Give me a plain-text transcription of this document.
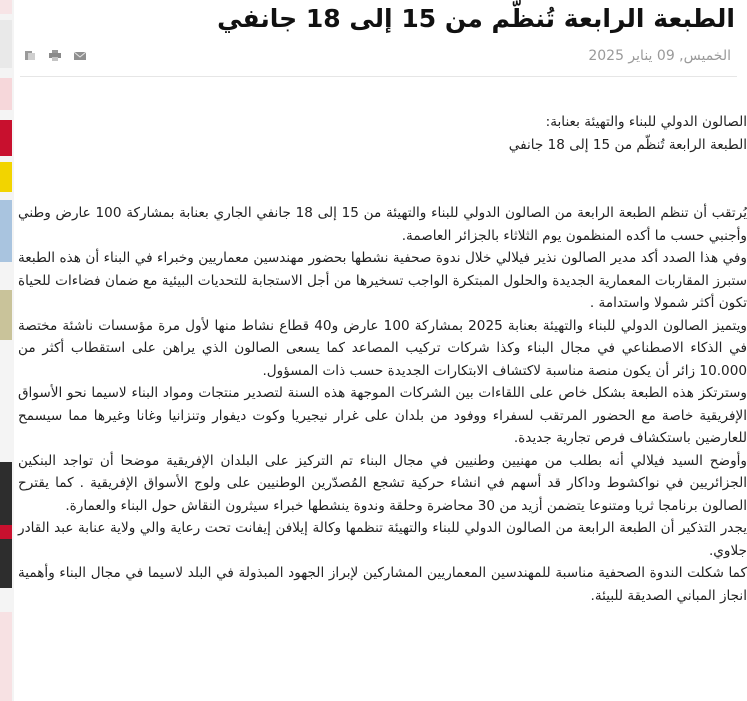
الطبعة الرابعة تُنظّم من 15 إلى 18 جانفي
الخميس, 09 يناير 2025
الصالون الدولي للبناء والتهيئة بعنابة:
الطبعة الرابعة تُنظّم من 15 إلى 18 جانفي

يُرتقب أن تنظم الطبعة الرابعة من الصالون الدولي للبناء والتهيئة من 15 إلى 18 جانفي الجاري بعنابة بمشاركة 100 عارض وطني وأجنبي حسب ما أكده المنظمون يوم الثلاثاء بالجزائر العاصمة.

وفي هذا الصدد أكد مدير الصالون نذير فيلالي خلال ندوة صحفية نشطها بحضور مهندسين معماريين وخبراء في البناء أن هذه الطبعة ستبرز المقاربات المعمارية الجديدة والحلول المبتكرة الواجب تسخيرها من أجل الاستجابة للتحديات البيئية مع ضمان فضاءات للحياة تكون أكثر شمولا واستدامة .

ويتميز الصالون الدولي للبناء والتهيئة بعنابة 2025 بمشاركة 100 عارض و40 قطاع نشاط منها لأول مرة مؤسسات ناشئة مختصة في الذكاء الاصطناعي في مجال البناء وكذا شركات تركيب المصاعد كما يسعى الصالون الذي يراهن على استقطاب أكثر من 10.000 زائر أن يكون منصة مناسبة لاكتشاف الابتكارات الجديدة حسب ذات المسؤول.

وسترتكز هذه الطبعة بشكل خاص على اللقاءات بين الشركات الموجهة هذه السنة لتصدير منتجات ومواد البناء لاسيما نحو الأسواق الإفريقية خاصة مع الحضور المرتقب لسفراء ووفود من بلدان على غرار نيجيريا وكوت ديفوار وتنزانيا وغانا وغيرها مما سيسمح للعارضين باستكشاف فرص تجارية جديدة.

وأوضح السيد فيلالي أنه بطلب من مهنيين وطنيين في مجال البناء تم التركيز على البلدان الإفريقية موضحا أن تواجد البنكين الجزائريين في نواكشوط وداكار قد أسهم في انشاء حركية تشجع المُصدّرين الوطنيين على ولوج الأسواق الإفريقية . كما يقترح الصالون برنامجا ثريا ومتنوعا يتضمن أزيد من 30 محاضرة وحلقة وندوة ينشطها خبراء سيثرون النقاش حول البناء والعمارة.

يجدر التذكير أن الطبعة الرابعة من الصالون الدولي للبناء والتهيئة تنظمها وكالة إيلافن إيفانت تحت رعاية والي ولاية عنابة عبد القادر جلاوي.

كما شكلت الندوة الصحفية مناسبة للمهندسين المعماريين المشاركين لإبراز الجهود المبذولة في البلد لاسيما في مجال البناء وأهمية انجاز المباني الصديقة للبيئة.
